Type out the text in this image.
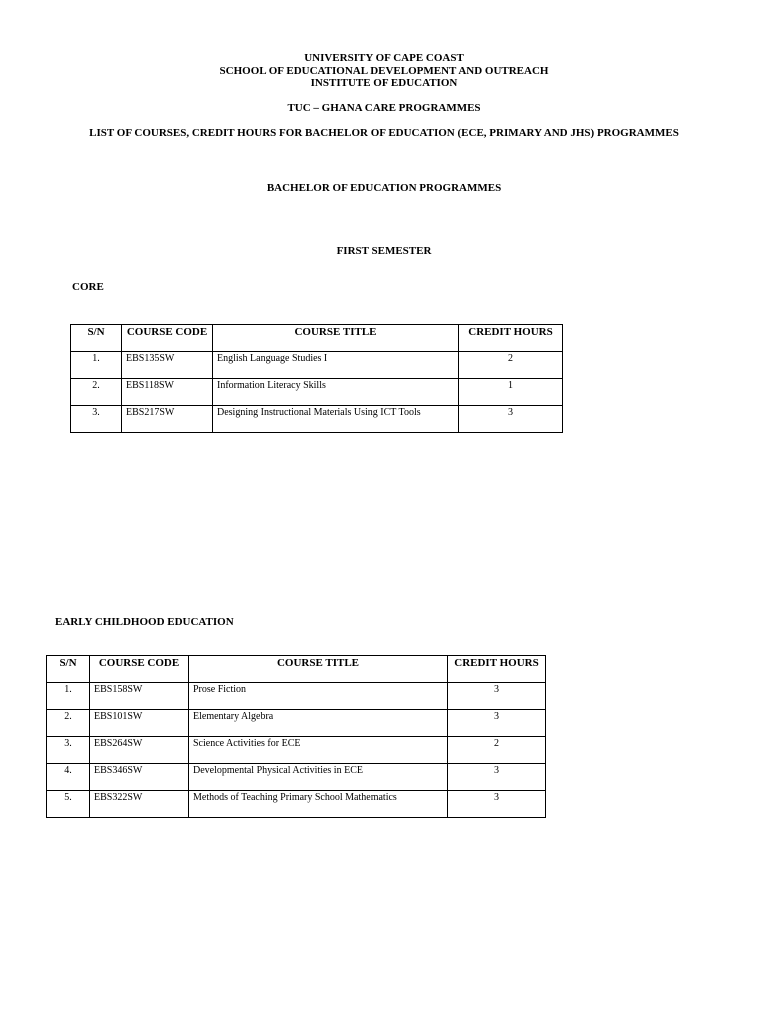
UNIVERSITY OF CAPE COAST
SCHOOL OF EDUCATIONAL DEVELOPMENT AND OUTREACH
INSTITUTE OF EDUCATION
TUC – GHANA CARE PROGRAMMES
LIST OF COURSES, CREDIT HOURS FOR BACHELOR OF EDUCATION (ECE, PRIMARY AND JHS) PROGRAMMES
BACHELOR OF EDUCATION PROGRAMMES
FIRST SEMESTER
CORE
S/N	COURSE CODE	COURSE TITLE	CREDIT HOURS
1.	EBS135SW	English Language Studies I	2
2.	EBS118SW	Information Literacy Skills	1
3.	EBS217SW	Designing Instructional Materials Using ICT Tools	3
EARLY CHILDHOOD EDUCATION
S/N	COURSE CODE	COURSE TITLE	CREDIT HOURS
1.	EBS158SW	Prose Fiction	3
2.	EBS101SW	Elementary Algebra	3
3.	EBS264SW	Science Activities for ECE	2
4.	EBS346SW	Developmental Physical Activities in ECE	3
5.	EBS322SW	Methods of Teaching Primary School Mathematics	3
